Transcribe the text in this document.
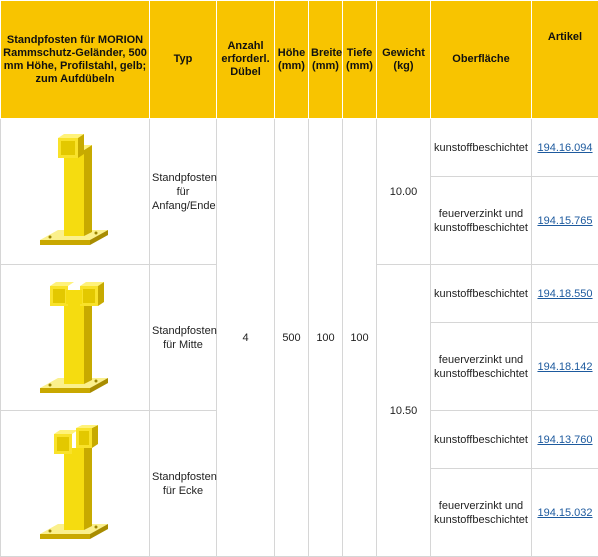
Standpfosten für MORION Rammschutz-Geländer, 500 mm Höhe, Profilstahl, gelb; zum Aufdübeln	Typ	Anzahl erforderl. Dübel	Höhe (mm)	Breite (mm)	Tiefe (mm)	Gewicht (kg)	Oberfläche	Artikel

	Standpfosten für Anfang/Ende	4	500	100	100	10.00	kunstoffbeschichtet	194.16.094
							feuerverzinkt und kunstoffbeschichtet	194.15.765

	Standpfosten für Mitte					10.50	kunstoffbeschichtet	194.18.550
							feuerverzinkt und kunstoffbeschichtet	194.18.142

	Standpfosten für Ecke						kunstoffbeschichtet	194.13.760
							feuerverzinkt und kunstoffbeschichtet	194.15.032
